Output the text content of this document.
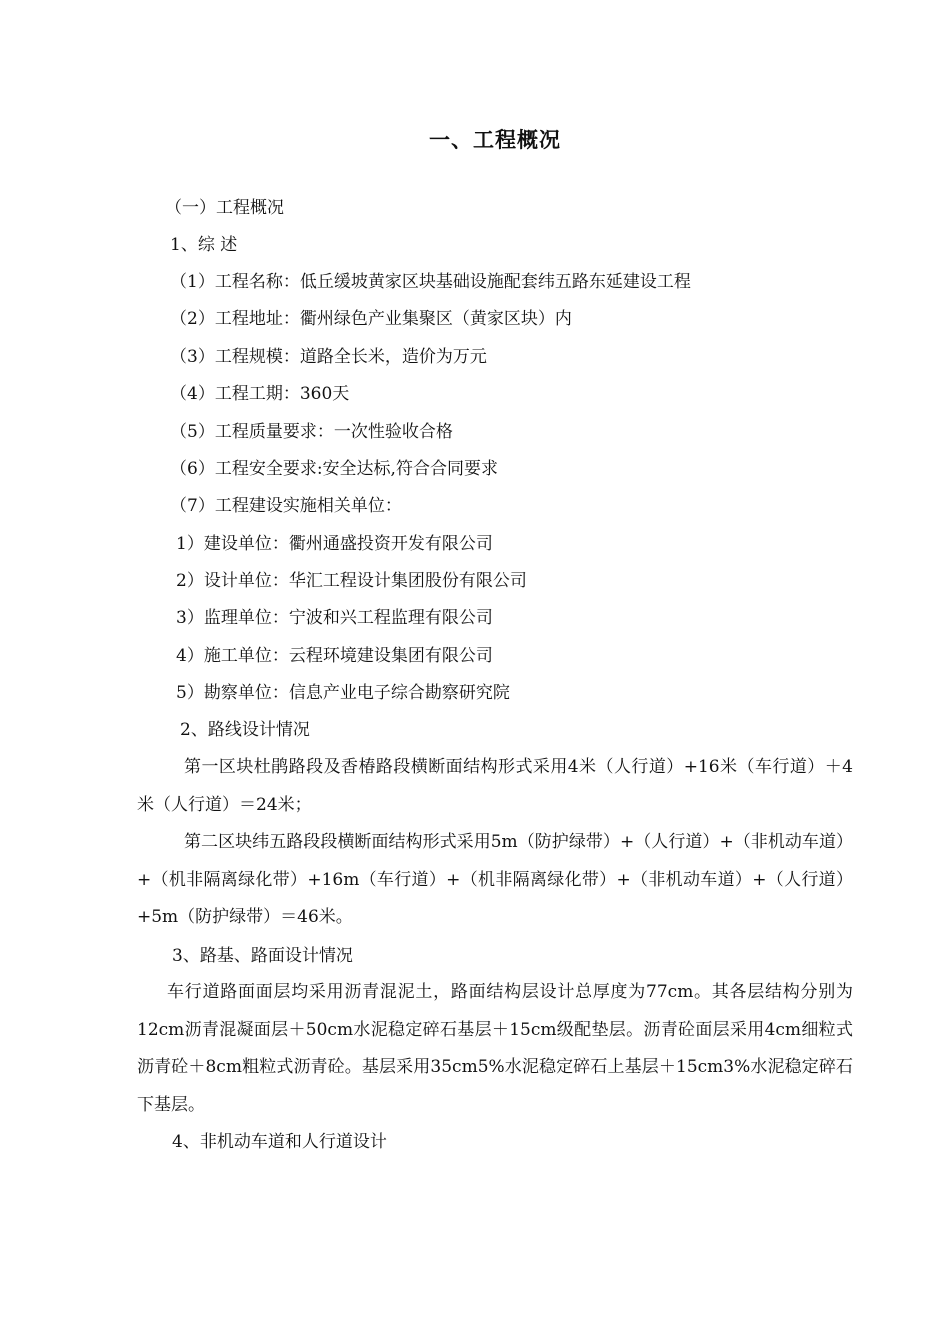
一、工程概况

（一）工程概况

1、综 述

（1）工程名称：低丘缓坡黄家区块基础设施配套纬五路东延建设工程

（2）工程地址：衢州绿色产业集聚区（黄家区块）内

（3）工程规模：道路全长米，造价为万元

（4）工程工期：360天

（5）工程质量要求：一次性验收合格

（6）工程安全要求:安全达标,符合合同要求

（7）工程建设实施相关单位：

1）建设单位：衢州通盛投资开发有限公司

2）设计单位：华汇工程设计集团股份有限公司

3）监理单位：宁波和兴工程监理有限公司

4）施工单位：云程环境建设集团有限公司

5）勘察单位：信息产业电子综合勘察研究院

2、路线设计情况

第一区块杜鹃路段及香椿路段横断面结构形式采用4米（人行道）+16米（车行道）＋4米（人行道）＝24米；

第二区块纬五路段段横断面结构形式采用5m（防护绿带）+（人行道）+（非机动车道）+（机非隔离绿化带）+16m（车行道）+（机非隔离绿化带）+（非机动车道）+（人行道）+5m（防护绿带）＝46米。

3、路基、路面设计情况

车行道路面面层均采用沥青混泥土，路面结构层设计总厚度为77cm。其各层结构分别为12cm沥青混凝面层＋50cm水泥稳定碎石基层＋15cm级配垫层。沥青砼面层采用4cm细粒式沥青砼＋8cm粗粒式沥青砼。基层采用35cm5%水泥稳定碎石上基层＋15cm3%水泥稳定碎石下基层。

4、非机动车道和人行道设计
